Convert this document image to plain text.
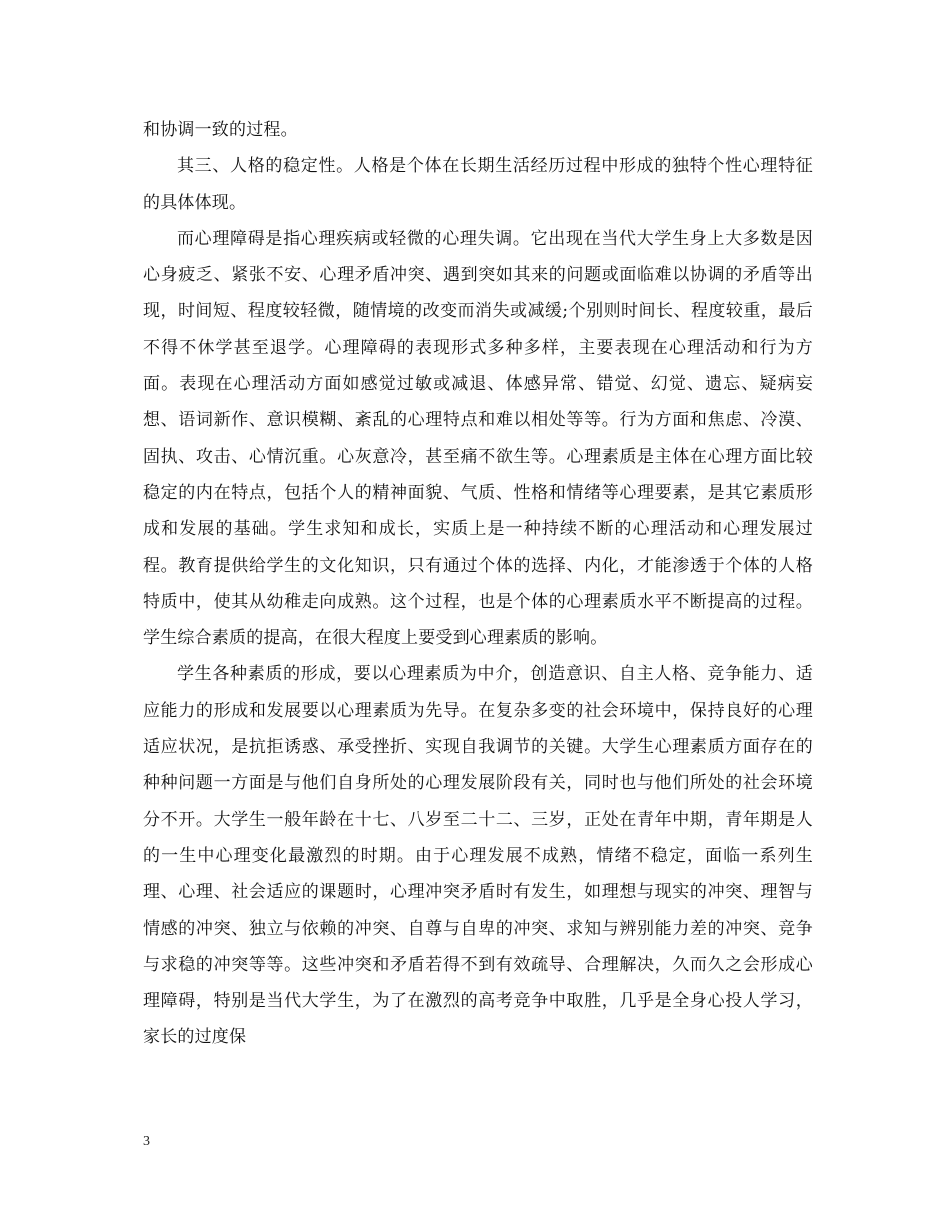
和协调一致的过程。

其三、人格的稳定性。人格是个体在长期生活经历过程中形成的独特个性心理特征的具体体现。

而心理障碍是指心理疾病或轻微的心理失调。它出现在当代大学生身上大多数是因心身疲乏、紧张不安、心理矛盾冲突、遇到突如其来的问题或面临难以协调的矛盾等出现，时间短、程度较轻微，随情境的改变而消失或减缓;个别则时间长、程度较重，最后不得不休学甚至退学。心理障碍的表现形式多种多样，主要表现在心理活动和行为方面。表现在心理活动方面如感觉过敏或减退、体感异常、错觉、幻觉、遗忘、疑病妄想、语词新作、意识模糊、紊乱的心理特点和难以相处等等。行为方面和焦虑、冷漠、固执、攻击、心情沉重。心灰意冷，甚至痛不欲生等。心理素质是主体在心理方面比较稳定的内在特点，包括个人的精神面貌、气质、性格和情绪等心理要素，是其它素质形成和发展的基础。学生求知和成长，实质上是一种持续不断的心理活动和心理发展过程。教育提供给学生的文化知识，只有通过个体的选择、内化，才能渗透于个体的人格特质中，使其从幼稚走向成熟。这个过程，也是个体的心理素质水平不断提高的过程。学生综合素质的提高，在很大程度上要受到心理素质的影响。

学生各种素质的形成，要以心理素质为中介，创造意识、自主人格、竞争能力、适应能力的形成和发展要以心理素质为先导。在复杂多变的社会环境中，保持良好的心理适应状况，是抗拒诱惑、承受挫折、实现自我调节的关键。大学生心理素质方面存在的种种问题一方面是与他们自身所处的心理发展阶段有关，同时也与他们所处的社会环境分不开。大学生一般年龄在十七、八岁至二十二、三岁，正处在青年中期，青年期是人的一生中心理变化最激烈的时期。由于心理发展不成熟，情绪不稳定，面临一系列生理、心理、社会适应的课题时，心理冲突矛盾时有发生，如理想与现实的冲突、理智与情感的冲突、独立与依赖的冲突、自尊与自卑的冲突、求知与辨别能力差的冲突、竞争与求稳的冲突等等。这些冲突和矛盾若得不到有效疏导、合理解决，久而久之会形成心理障碍，特别是当代大学生，为了在激烈的高考竞争中取胜，几乎是全身心投人学习，家长的过度保

3
